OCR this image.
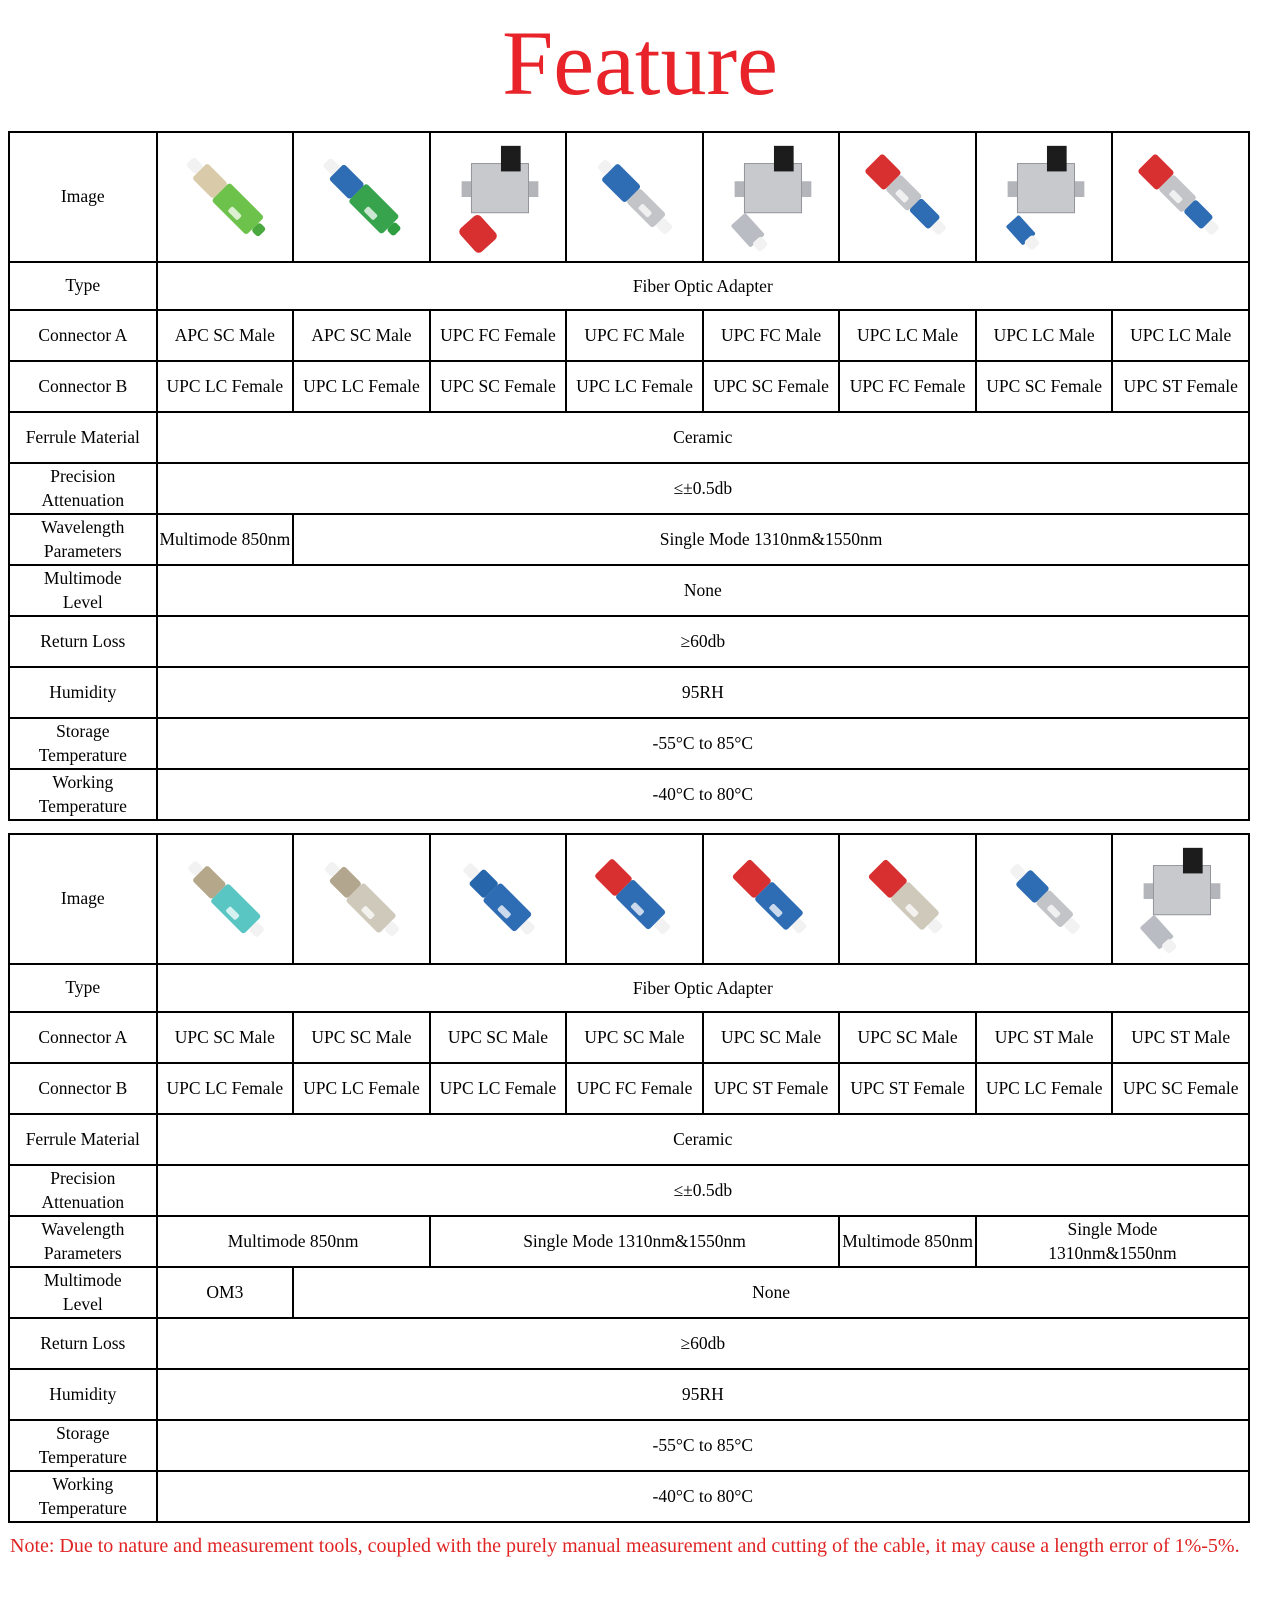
Feature
Image	

Type	Fiber Optic Adapter							
Connector A	APC SC Male	APC SC Male	UPC FC Female	UPC FC Male	UPC FC Male	UPC LC Male	UPC LC Male	UPC LC Male
Connector B	UPC LC Female	UPC LC Female	UPC SC Female	UPC LC Female	UPC SC Female	UPC FC Female	UPC SC Female	UPC ST Female
Ferrule Material	Ceramic							
Precision Attenuation	≤±0.5db							
Wavelength Parameters	Multimode 850nm	Single Mode 1310nm&1550nm						
Multimode Level	None							
Return Loss	≥60db							
Humidity	95RH							
Storage Temperature	-55°C to 85°C							
Working Temperature	-40°C to 80°C							
Image	

Type	Fiber Optic Adapter							
Connector A	UPC SC Male	UPC SC Male	UPC SC Male	UPC SC Male	UPC SC Male	UPC SC Male	UPC ST Male	UPC ST Male
Connector B	UPC LC Female	UPC LC Female	UPC LC Female	UPC FC Female	UPC ST Female	UPC ST Female	UPC LC Female	UPC SC Female
Ferrule Material	Ceramic							
Precision Attenuation	≤±0.5db							
Wavelength Parameters	Multimode 850nm		Single Mode 1310nm&1550nm			Multimode 850nm	Single Mode 1310nm&1550nm	
Multimode Level	OM3	None						
Return Loss	≥60db							
Humidity	95RH							
Storage Temperature	-55°C to 85°C							
Working Temperature	-40°C to 80°C							
Note: Due to nature and measurement tools, coupled with the purely manual measurement and cutting of the cable, it may cause a length error of 1%-5%.
